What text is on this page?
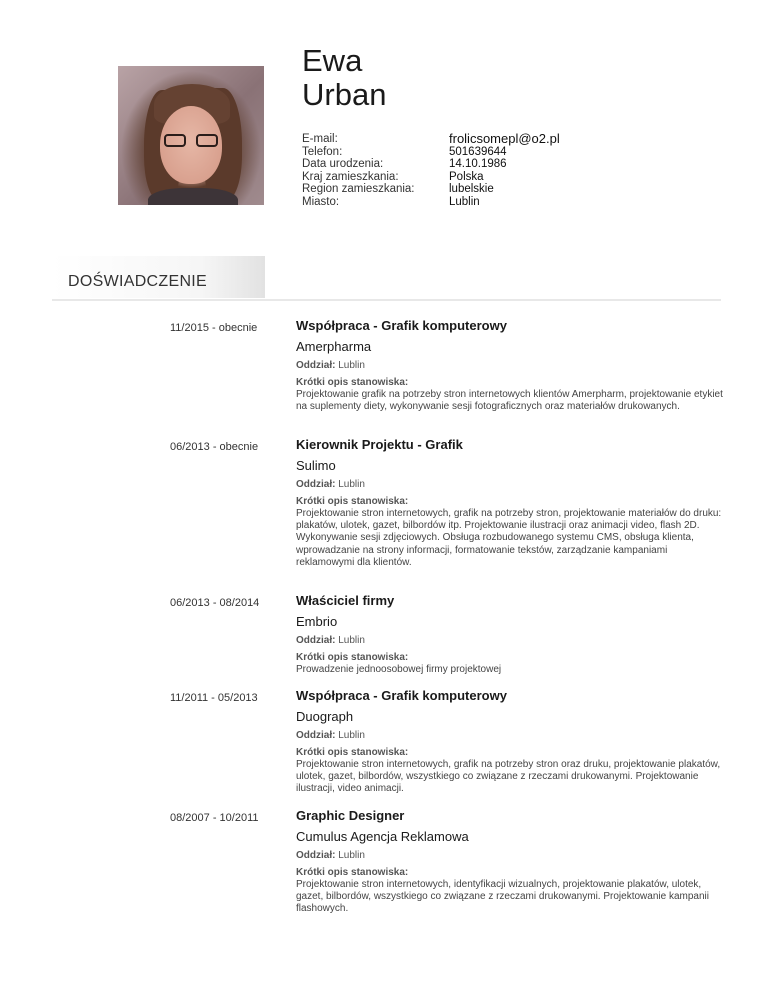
Ewa
Urban
E-mail:	frolicsomepl@o2.pl
Telefon:	501639644
Data urodzenia:	14.10.1986
Kraj zamieszkania:	Polska
Region zamieszkania:	lubelskie
Miasto:	Lublin
DOŚWIADCZENIE
11/2015 - obecnie	Współpraca - Grafik komputerowy
Amerpharma
Oddział: Lublin
Krótki opis stanowiska:
Projektowanie grafik na potrzeby stron internetowych klientów Amerpharm, projektowanie etykiet na suplementy diety, wykonywanie sesji fotograficznych oraz materiałów drukowanych.
06/2013 - obecnie	Kierownik Projektu - Grafik
Sulimo
Oddział: Lublin
Krótki opis stanowiska:
Projektowanie stron internetowych, grafik na potrzeby stron, projektowanie materiałów do druku: plakatów, ulotek, gazet, bilbordów itp. Projektowanie ilustracji oraz animacji video, flash 2D. Wykonywanie sesji zdjęciowych. Obsługa rozbudowanego systemu CMS, obsługa klienta, wprowadzanie na strony informacji, formatowanie tekstów, zarządzanie kampaniami reklamowymi dla klientów.
06/2013 - 08/2014	Właściciel firmy
Embrio
Oddział: Lublin
Krótki opis stanowiska:
Prowadzenie jednoosobowej firmy projektowej
11/2011 - 05/2013	Współpraca - Grafik komputerowy
Duograph
Oddział: Lublin
Krótki opis stanowiska:
Projektowanie stron internetowych, grafik na potrzeby stron oraz druku, projektowanie plakatów, ulotek, gazet, bilbordów, wszystkiego co związane z rzeczami drukowanymi. Projektowanie ilustracji, video animacji.
08/2007 - 10/2011	Graphic Designer
Cumulus Agencja Reklamowa
Oddział: Lublin
Krótki opis stanowiska:
Projektowanie stron internetowych, identyfikacji wizualnych, projektowanie plakatów, ulotek, gazet, bilbordów, wszystkiego co związane z rzeczami drukowanymi. Projektowanie kampanii flashowych.
